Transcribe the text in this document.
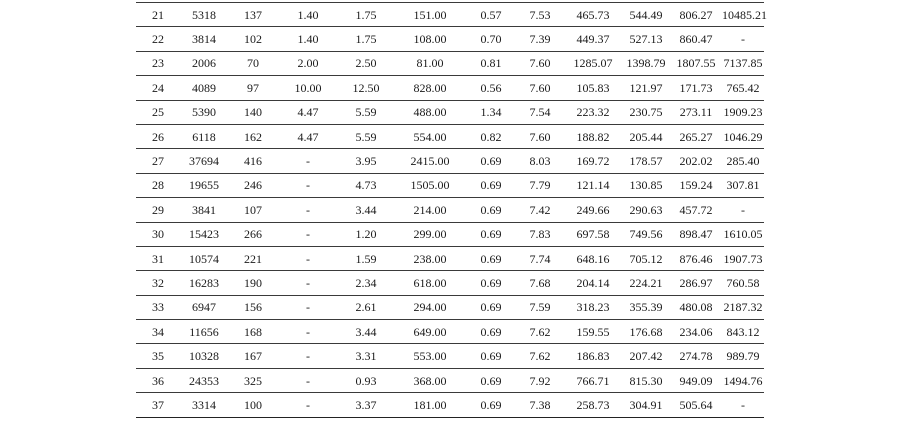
21	5318	137	1.40	1.75	151.00	0.57	7.53	465.73	544.49	806.27	10485.21
22	3814	102	1.40	1.75	108.00	0.70	7.39	449.37	527.13	860.47	-
23	2006	70	2.00	2.50	81.00	0.81	7.60	1285.07	1398.79	1807.55	7137.85
24	4089	97	10.00	12.50	828.00	0.56	7.60	105.83	121.97	171.73	765.42
25	5390	140	4.47	5.59	488.00	1.34	7.54	223.32	230.75	273.11	1909.23
26	6118	162	4.47	5.59	554.00	0.82	7.60	188.82	205.44	265.27	1046.29
27	37694	416	-	3.95	2415.00	0.69	8.03	169.72	178.57	202.02	285.40
28	19655	246	-	4.73	1505.00	0.69	7.79	121.14	130.85	159.24	307.81
29	3841	107	-	3.44	214.00	0.69	7.42	249.66	290.63	457.72	-
30	15423	266	-	1.20	299.00	0.69	7.83	697.58	749.56	898.47	1610.05
31	10574	221	-	1.59	238.00	0.69	7.74	648.16	705.12	876.46	1907.73
32	16283	190	-	2.34	618.00	0.69	7.68	204.14	224.21	286.97	760.58
33	6947	156	-	2.61	294.00	0.69	7.59	318.23	355.39	480.08	2187.32
34	11656	168	-	3.44	649.00	0.69	7.62	159.55	176.68	234.06	843.12
35	10328	167	-	3.31	553.00	0.69	7.62	186.83	207.42	274.78	989.79
36	24353	325	-	0.93	368.00	0.69	7.92	766.71	815.30	949.09	1494.76
37	3314	100	-	3.37	181.00	0.69	7.38	258.73	304.91	505.64	-
